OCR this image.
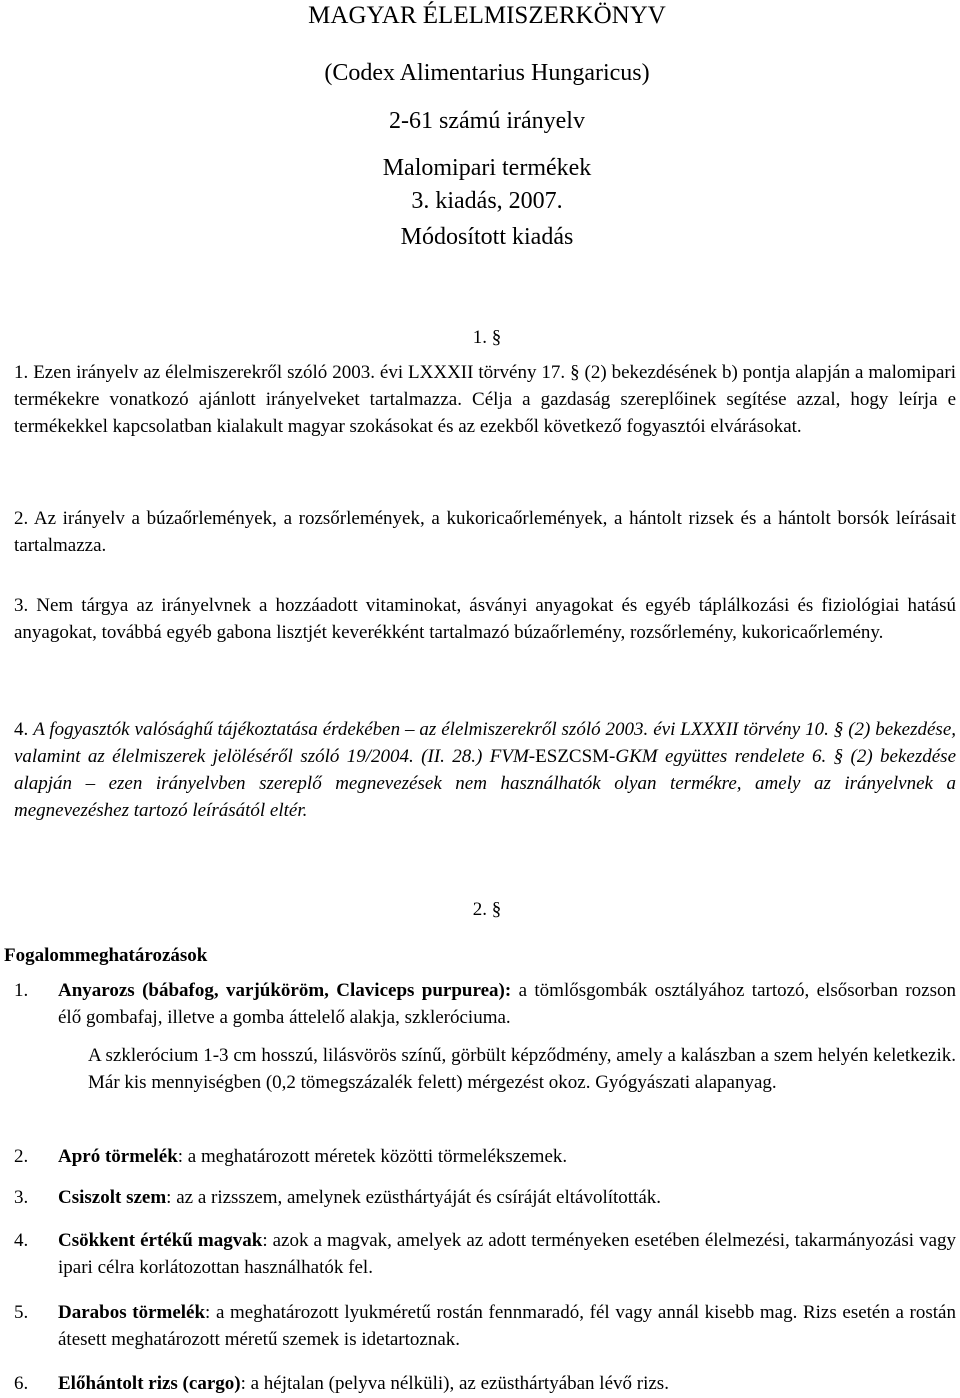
MAGYAR ÉLELMISZERKÖNYV
(Codex Alimentarius Hungaricus)
2-61 számú irányelv
Malomipari termékek
3. kiadás, 2007.
Módosított kiadás
1. §
1. Ezen irányelv az élelmiszerekről szóló 2003. évi LXXXII törvény 17. § (2) bekezdésének b) pontja alapján a malomipari termékekre vonatkozó ajánlott irányelveket tartalmazza. Célja a gazdaság szereplőinek segítése azzal, hogy leírja e termékekkel kapcsolatban kialakult magyar szokásokat és az ezekből következő fogyasztói elvárásokat.
2. Az irányelv a búzaőrlemények, a rozsőrlemények, a kukoricaőrlemények, a hántolt rizsek és a hántolt borsók leírásait tartalmazza.
3. Nem tárgya az irányelvnek a hozzáadott vitaminokat, ásványi anyagokat és egyéb táplálkozási és fiziológiai hatású anyagokat, továbbá egyéb gabona lisztjét keverékként tartalmazó búzaőrlemény, rozsőrlemény, kukoricaőrlemény.
4. A fogyasztók valósághű tájékoztatása érdekében – az élelmiszerekről szóló 2003. évi LXXXII törvény 10. § (2) bekezdése, valamint az élelmiszerek jelöléséről szóló 19/2004. (II. 28.) FVM-ESZCSM-GKM együttes rendelete 6. § (2) bekezdése alapján – ezen irányelvben szereplő megnevezések nem használhatók olyan termékre, amely az irányelvnek a megnevezéshez tartozó leírásától eltér.
2. §
Fogalommeghatározások
1. Anyarozs (bábafog, varjúköröm, Claviceps purpurea): a tömlősgombák osztályához tartozó, elsősorban rozson élő gombafaj, illetve a gomba áttelelő alakja, szkleróciuma.
A szklerócium 1-3 cm hosszú, lilásvörös színű, görbült képződmény, amely a kalászban a szem helyén keletkezik. Már kis mennyiségben (0,2 tömegszázalék felett) mérgezést okoz. Gyógyászati alapanyag.
2. Apró törmelék: a meghatározott méretek közötti törmelékszemek.
3. Csiszolt szem: az a rizsszem, amelynek ezüsthártyáját és csíráját eltávolították.
4. Csökkent értékű magvak: azok a magvak, amelyek az adott terményeken esetében élelmezési, takarmányozási vagy ipari célra korlátozottan használhatók fel.
5. Darabos törmelék: a meghatározott lyukméretű rostán fennmaradó, fél vagy annál kisebb mag. Rizs esetén a rostán átesett meghatározott méretű szemek is idetartoznak.
6. Előhántolt rizs (cargo): a héjtalan (pelyva nélküli), az ezüsthártyában lévő rizs.
